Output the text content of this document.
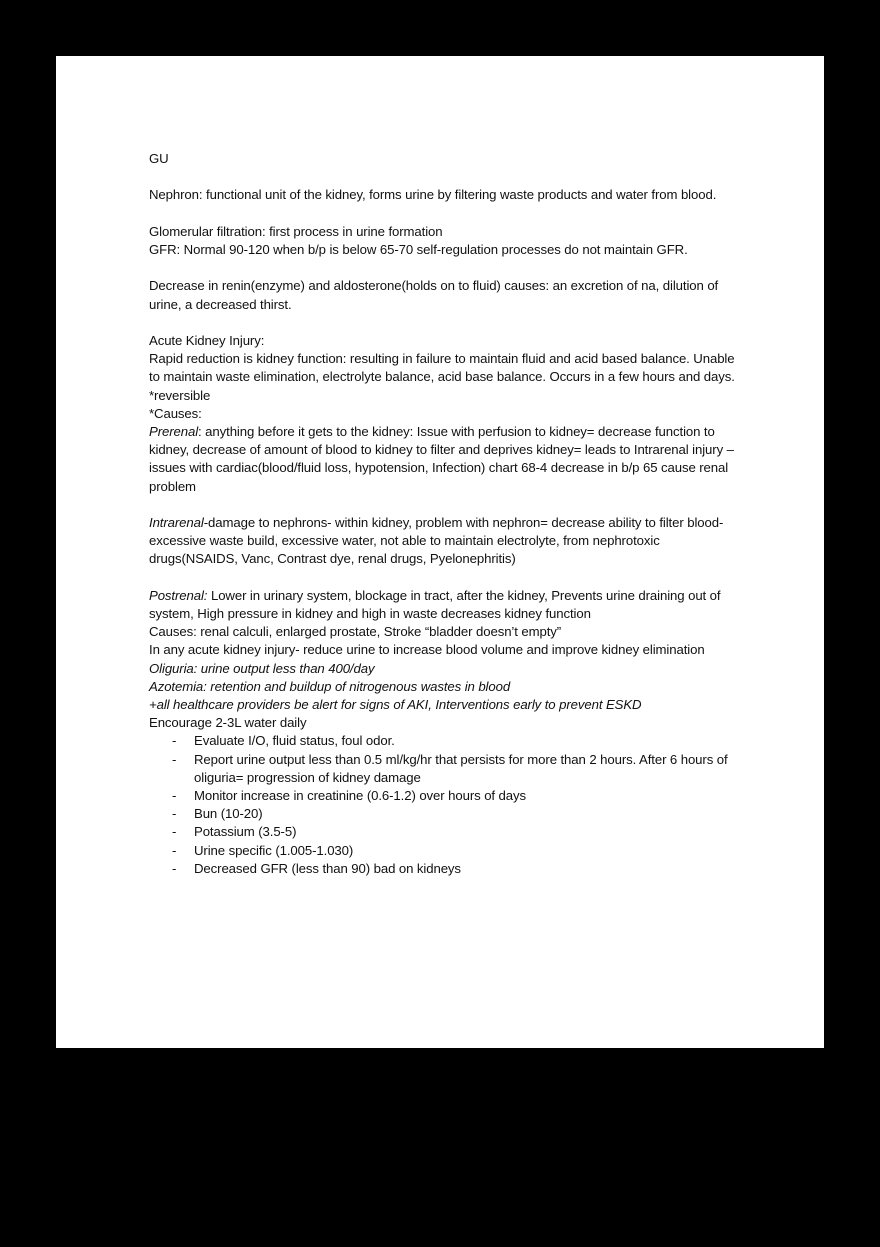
GU

Nephron: functional unit of the kidney, forms urine by filtering waste products and water from blood.

Glomerular filtration: first process in urine formation

GFR: Normal 90-120 when b/p is below 65-70 self-regulation processes do not maintain GFR.

Decrease in renin(enzyme) and aldosterone(holds on to fluid) causes: an excretion of na, dilution of urine, a decreased thirst.

Acute Kidney Injury:

Rapid reduction is kidney function: resulting in failure to maintain fluid and acid based balance. Unable to maintain waste elimination, electrolyte balance, acid base balance. Occurs in a few hours and days.

*reversible

*Causes:

Prerenal: anything before it gets to the kidney: Issue with perfusion to kidney= decrease function to kidney, decrease of amount of blood to kidney to filter and deprives kidney= leads to Intrarenal injury – issues with cardiac(blood/fluid loss, hypotension, Infection) chart 68-4 decrease in b/p 65 cause renal problem

Intrarenal-damage to nephrons- within kidney, problem with nephron= decrease ability to filter blood- excessive waste build, excessive water, not able to maintain electrolyte, from nephrotoxic drugs(NSAIDS, Vanc, Contrast dye, renal drugs, Pyelonephritis)

Postrenal: Lower in urinary system, blockage in tract, after the kidney, Prevents urine draining out of system, High pressure in kidney and high in waste decreases kidney function

Causes: renal calculi, enlarged prostate, Stroke “bladder doesn’t empty”

In any acute kidney injury- reduce urine to increase blood volume and improve kidney elimination

Oliguria: urine output less than 400/day

Azotemia: retention and buildup of nitrogenous wastes in blood

+all healthcare providers be alert for signs of AKI, Interventions early to prevent ESKD

Encourage 2-3L water daily

- Evaluate I/O, fluid status, foul odor.
- Report urine output less than 0.5 ml/kg/hr that persists for more than 2 hours. After 6 hours of oliguria= progression of kidney damage
- Monitor increase in creatinine (0.6-1.2) over hours of days
- Bun (10-20)
- Potassium (3.5-5)
- Urine specific (1.005-1.030)
- Decreased GFR (less than 90) bad on kidneys
